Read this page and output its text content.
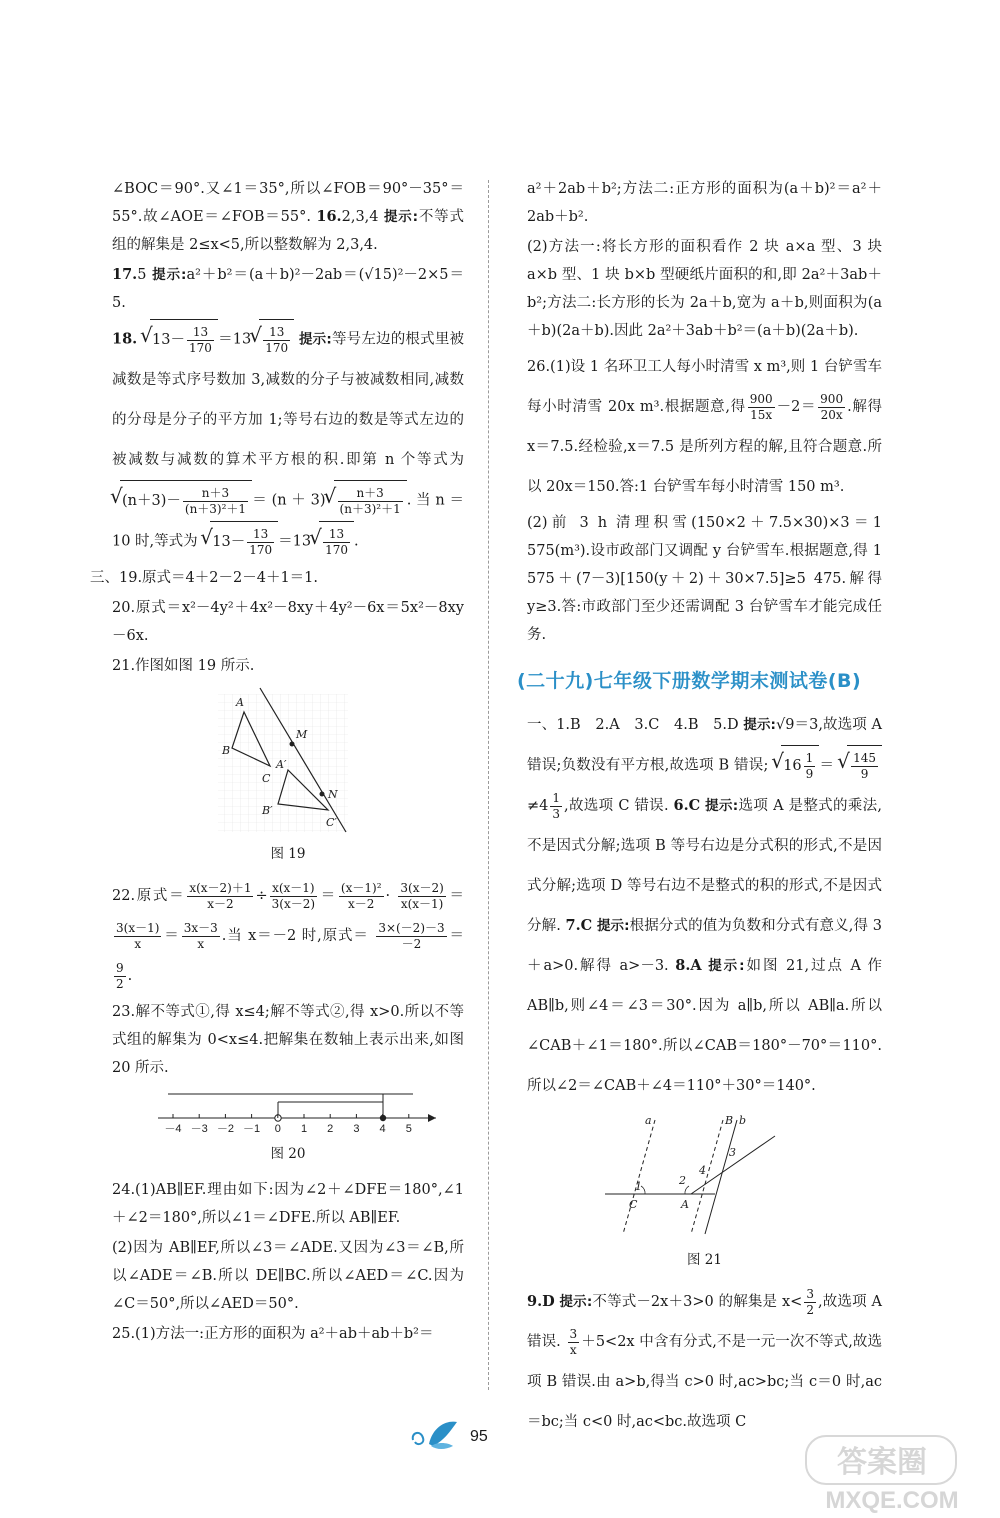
∠BOC＝90°.又∠1＝35°,所以∠FOB＝90°－35°＝55°.故∠AOE＝∠FOB＝55°. 16.2,3,4 提示:不等式组的解集是 2≤x<5,所以整数解为 2,3,4.

17.5 提示:a²＋b²＝(a＋b)²－2ab＝(√15)²－2×5＝5.

18. √ $13- \frac{13}{170} =13$ √ $\frac{13}{170}$ 提示:等号左边的根式里被减数是等式序号数加 3,减数的分子与被减数相同,减数的分母是分子的平方加 1;等号右边的数是等式左边的被减数与减数的算术平方根的积.即第 n 个等式为 √ $(n+3)- \frac{n+3}{\text{(n＋3)²＋1}} = (n + 3)$ √ $\frac{n+3}{\text{(n＋3)²＋1}}$ . 当 n ＝ 10 时,等式为 √ $13- \frac{13}{170} =13$ √ $\frac{13}{170}$ .

三、19.原式＝4＋2－2－4＋1＝1.

20.原式＝x²－4y²＋4x²－8xy＋4y²－6x＝5x²－8xy－6x.

21.作图如图 19 所示.

A
M
B
A′
N
C
B′
C′
图 19

22.原式＝ $\frac{x(x-2)+1}{x-2} \div \frac{x(x-1)}{3(x-2)} = \frac{\text{(x－1)²}}{x-2} \cdot \frac{3(x-2)}{x(x-1)}$ ＝
$\frac{3(x-1)}{x} = \frac{3x-3}{x}$ .当 x＝－2 时,原式＝ $\frac{3\times(-2)-3}{-2}$ ＝
$\frac{9}{2}$ .

23.解不等式①,得 x≤4;解不等式②,得 x>0.所以不等式组的解集为 0<x≤4.把解集在数轴上表示出来,如图 20 所示.

－4 －3 －2 －1 0 1 2 3 4 5
图 20

24.(1)AB∥EF.理由如下:因为∠2＋∠DFE＝180°,∠1＋∠2＝180°,所以∠1＝∠DFE.所以 AB∥EF.

(2)因为 AB∥EF,所以∠3＝∠ADE.又因为∠3＝∠B,所以∠ADE＝∠B.所以 DE∥BC.所以∠AED＝∠C.因为∠C＝50°,所以∠AED＝50°.

25.(1)方法一:正方形的面积为 a²＋ab＋ab＋b²＝

a²＋2ab＋b²;方法二:正方形的面积为(a＋b)²＝a²＋2ab＋b².

(2)方法一:将长方形的面积看作 2 块 a×a 型、3 块 a×b 型、1 块 b×b 型硬纸片面积的和,即 2a²＋3ab＋b²;方法二:长方形的长为 2a＋b,宽为 a＋b,则面积为(a＋b)(2a＋b).因此 2a²＋3ab＋b²＝(a＋b)(2a＋b).

26.(1)设 1 名环卫工人每小时清雪 x m³,则 1 台铲雪车每小时清雪 20x m³.根据题意,得 $\frac{900}{15x} -2= \frac{900}{20x}$ .解得 x＝7.5.经检验,x＝7.5 是所列方程的解,且符合题意.所以 20x＝150.答:1 台铲雪车每小时清雪 150 m³.

(2)前 3 h 清理积雪(150×2＋7.5×30)×3＝1 575(m³).设市政部门又调配 y 台铲雪车.根据题意,得 1 575＋(7－3)[150(y＋2)＋30×7.5]≥5 475.解得 y≥3.答:市政部门至少还需调配 3 台铲雪车才能完成任务.

(二十九)七年级下册数学期末测试卷(B)

一、1.B　2.A　3.C　4.B　5.D 提示:√9＝3,故选项 A 错误;负数没有平方根,故选项 B 错误; √ $16 \frac{1}{9}$ ＝ √ $\frac{145}{9}$
$\ne 4 \frac{1}{3}$ ,故选项 C 错误. 6.C 提示:选项 A 是整式的乘法,不是因式分解;选项 B 等号右边是分式积的形式,不是因式分解;选项 D 等号右边不是整式的积的形式,不是因式分解. 7.C 提示:根据分式的值为负数和分式有意义,得 3＋a>0.解得 a>－3. 8.A 提示:如图 21,过点 A 作 AB∥b,则∠4＝∠3＝30°.因为 a∥b,所以 AB∥a.所以∠CAB＋∠1＝180°.所以∠CAB＝180°－70°＝110°.所以∠2＝∠CAB＋∠4＝110°＋30°＝140°.

a	B b
3
2
4
1
C	A
图 21

9.D 提示:不等式－2x＋3>0 的解集是 $x< \frac{3}{2}$ ,故选项 A 错误. $\frac{3}{x} +5<2x$ 中含有分式,不是一元一次不等式,故选项 B 错误.由 a>b,得当 c>0 时,ac>bc;当 c＝0 时,ac＝bc;当 c<0 时,ac<bc.故选项 C

95
答案圈
MXQE.COM
